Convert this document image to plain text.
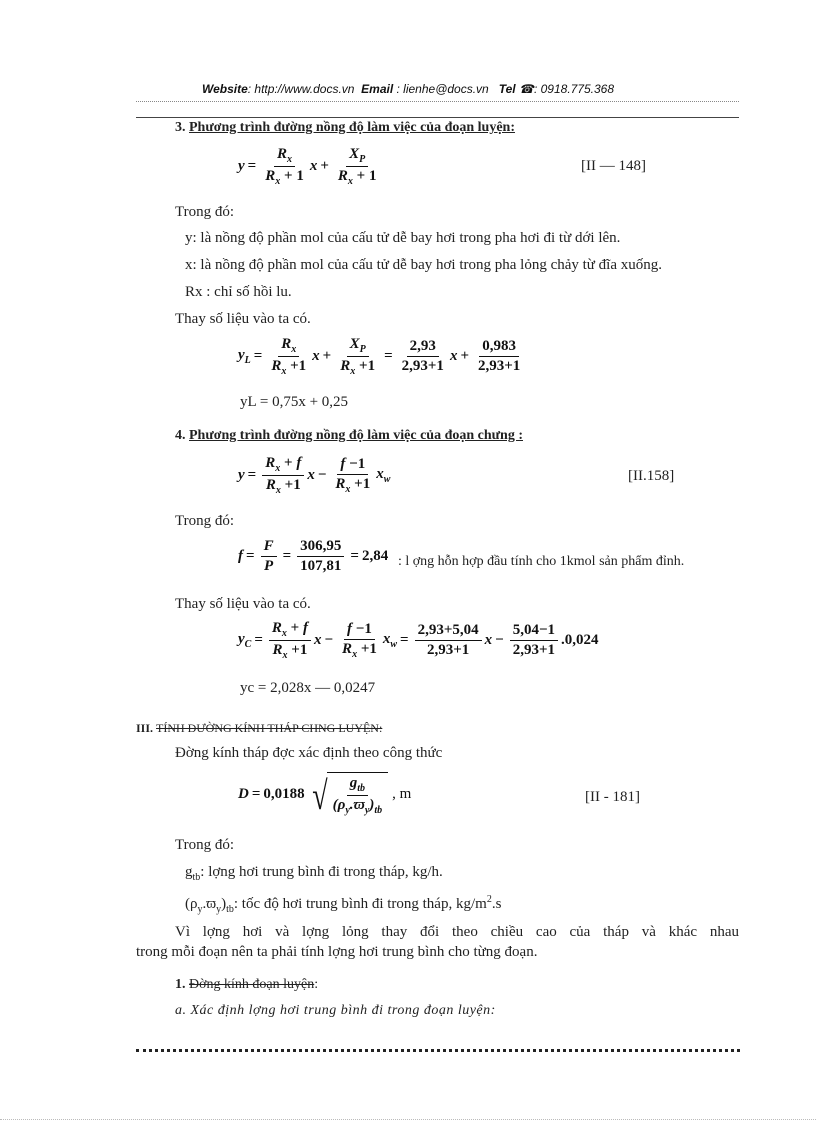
Website: http://www.docs.vn Email : lienhe@docs.vn Tel ☎: 0918.775.368
3. Phương trình đường nồng độ làm việc của đoạn luyện:
$y = \frac{R_x}{R_x + 1}$ $x + \frac{X_P}{R_x + 1}$	[II — 148]
Trong đó:
y: là nồng độ phần mol của cấu tử dễ bay hơi trong pha hơi đi từ dới lên.
x: là nồng độ phần mol của cấu tử dễ bay hơi trong pha lỏng chảy từ đĩa xuống.
Rx : chỉ số hồi lu.
Thay số liệu vào ta có.
$y_L = \frac{R_x}{R_x +1}$ $x + \frac{X_P}{R_x +1} = \frac{2,93}{2,93+1}$ $x + \frac{0,983}{2,93+1}$
yL = 0,75x + 0,25
4. Phương trình đường nồng độ làm việc của đoạn chưng :
$y = \frac{R_x + f}{R_x +1}$ $x - \frac{f -1}{R_x +1} x_w$	[II.158]
Trong đó:
$f = \frac{F}{P} = \frac{306,95}{107,81} = 2,84$ : l ợng hỗn hợp đầu tính cho 1kmol sản phẩm đỉnh.
Thay số liệu vào ta có.
$y_C = \frac{R_x + f}{R_x +1}$ $x - \frac{f -1}{R_x +1} x_w = \frac{2,93+5,04}{2,93+1}$ $x - \frac{5,04-1}{2,93+1} .0,024$
yc = 2,028x — 0,0247
III. TÍNH ĐƯỜNG KÍNH THÁP CHNG LUYỆN:
Đờng kính tháp đợc xác định theo công thức
D = 0,0188 √ $\frac{g_{tb}}{(\rho_y.ϖ_y)_{tb}}$ , m	[II - 181]
Trong đó:
$g_{tb}$: lợng hơi trung bình đi trong tháp, kg/h.
$(\rho_y.ϖ_y)_{tb}$: tốc độ hơi trung bình đi trong tháp, $kg/m^2.s$
Vì lợng hơi và lợng lỏng thay đổi theo chiều cao của tháp và khác nhau
trong mỗi đoạn nên ta phải tính lợng hơi trung bình cho từng đoạn.
1. Đờng kính đoạn luyện:
a. Xác định lợng hơi trung bình đi trong đoạn luyện:
